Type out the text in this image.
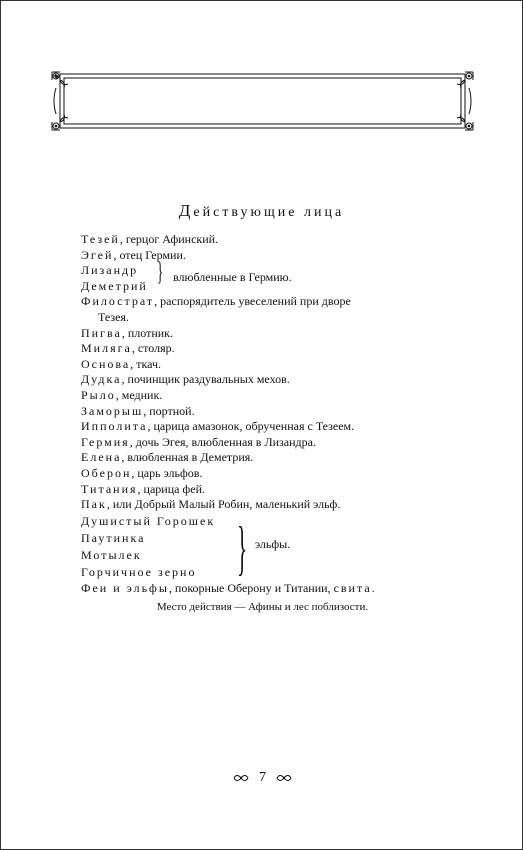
Действующие лица
Тезей, герцог Афинский.
Эгей, отец Гермии.
Лизандр
Деметрий } влюбленные в Гермию.
Филострат, распорядитель увеселений при дворе
Тезея.
Пигва, плотник.
Миляга, столяр.
Основа, ткач.
Дудка, починщик раздувальных мехов.
Рыло, медник.
Заморыш, портной.
Ипполита, царица амазонок, обрученная с Тезеем.
Гермия, дочь Эгея, влюбленная в Лизандра.
Елена, влюбленная в Деметрия.
Оберон, царь эльфов.
Титания, царица фей.
Пак, или Добрый Малый Робин, маленький эльф.
Душистый Горошек
Паутинка } эльфы.
Мотылек
Горчичное зерно
Феи и эльфы, покорные Оберону и Титании, свита.
Место действия — Афины и лес поблизости.
7
